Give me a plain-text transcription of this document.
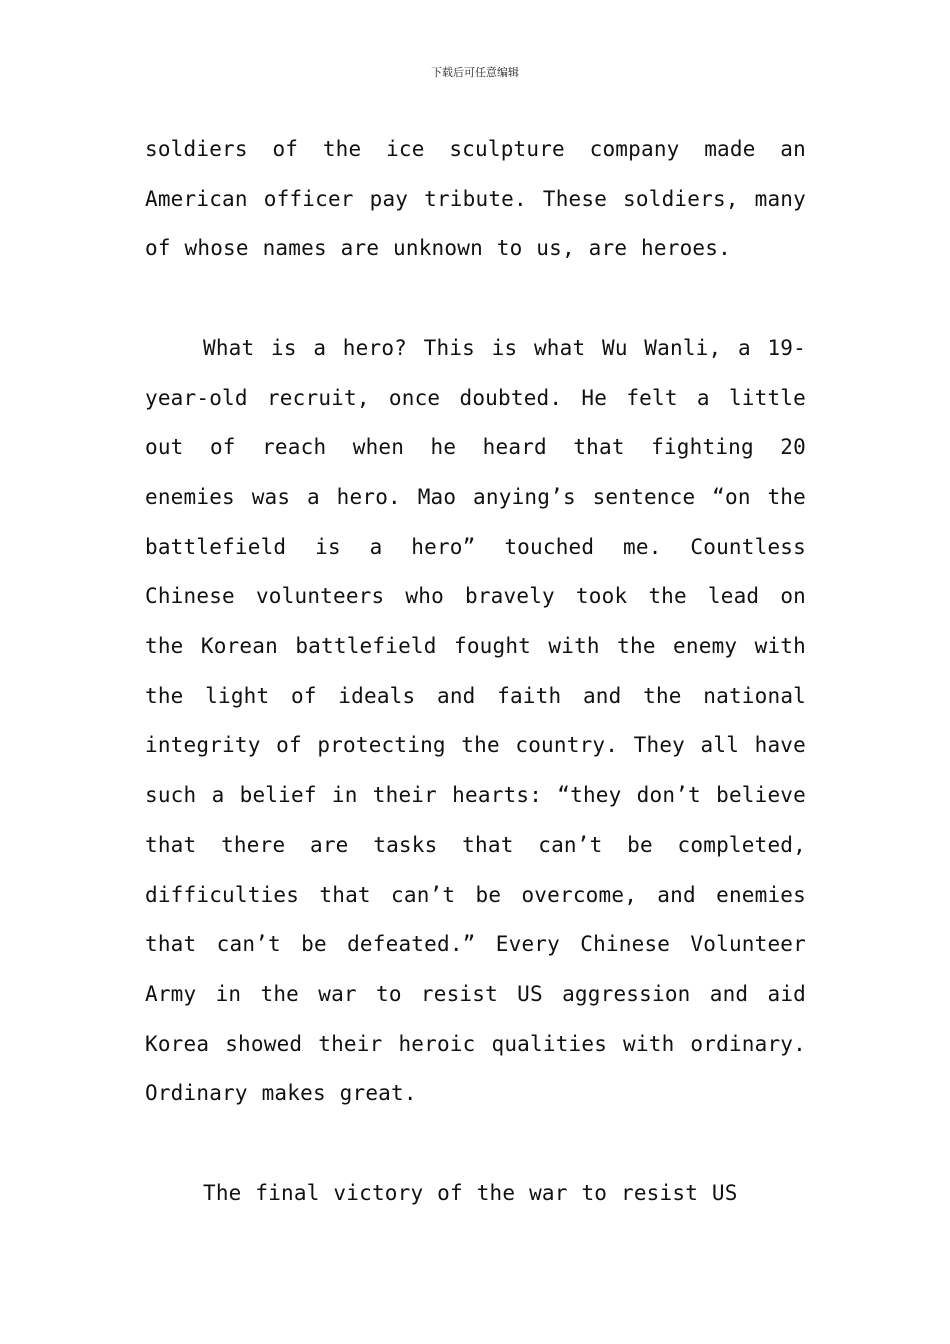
下载后可任意编辑

soldiers of the ice sculpture company made an American officer pay tribute. These soldiers, many of whose names are unknown to us, are heroes.

What is a hero? This is what Wu Wanli, a 19-year-old recruit, once doubted. He felt a little out of reach when he heard that fighting 20 enemies was a hero. Mao anying’s sentence “on the battlefield is a hero” touched me. Countless Chinese volunteers who bravely took the lead on the Korean battlefield fought with the enemy with the light of ideals and faith and the national integrity of protecting the country. They all have such a belief in their hearts: “they don’t believe that there are tasks that can’t be completed, difficulties that can’t be overcome, and enemies that can’t be defeated.” Every Chinese Volunteer Army in the war to resist US aggression and aid Korea showed their heroic qualities with ordinary. Ordinary makes great.

The final victory of the war to resist US
